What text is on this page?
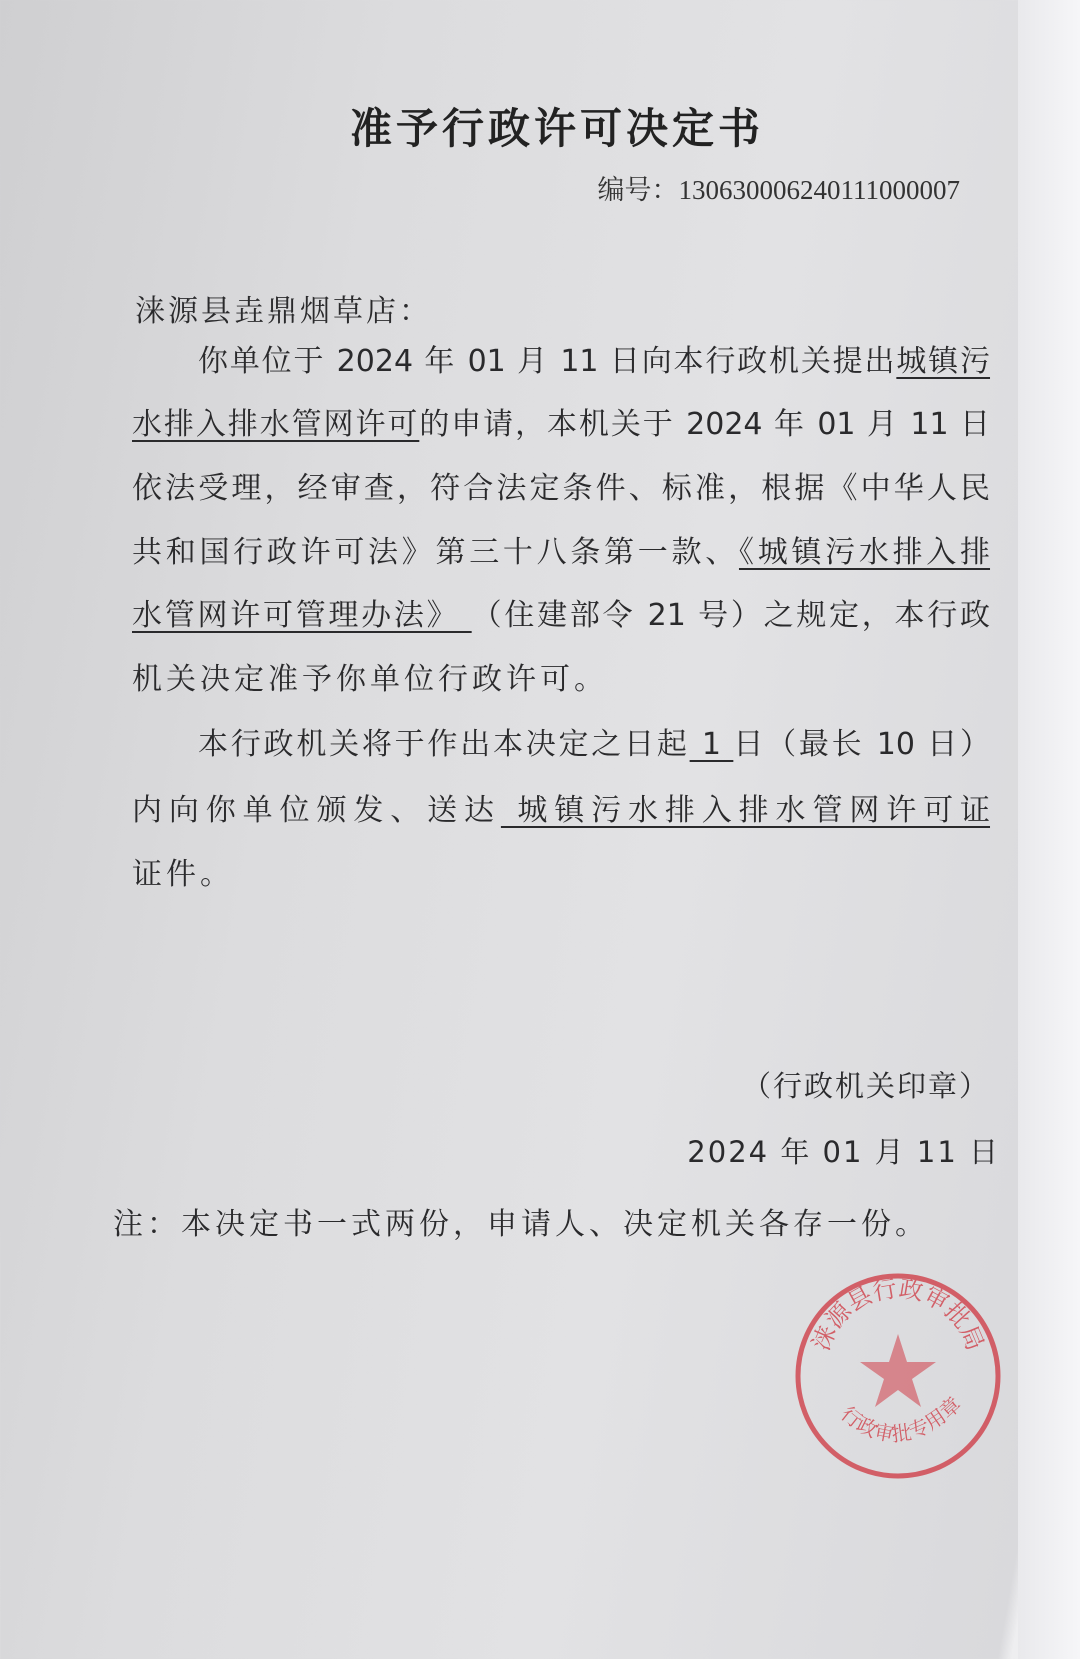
准予行政许可决定书
编号：130630006240111000007
涞源县垚鼎烟草店：
你单位于 2024 年 01 月 11 日向本行政机关提出城镇污
水排入排水管网许可的申请，本机关于 2024 年 01 月 11 日
依法受理，经审查，符合法定条件、标准，根据《中华人民
共和国行政许可法》第三十八条第一款、《城镇污水排入排
水管网许可管理办法》 （住建部令 21 号）之规定，本行政
机关决定准予你单位行政许可。
本行政机关将于作出本决定之日起 1 日（最长 10 日）
内向你单位颁发、送达 城镇污水排入排水管网许可证
证件。
（行政机关印章）
2024 年 01 月 11 日
注：本决定书一式两份，申请人、决定机关各存一份。
涞源县行政审批局
行政审批专用章
